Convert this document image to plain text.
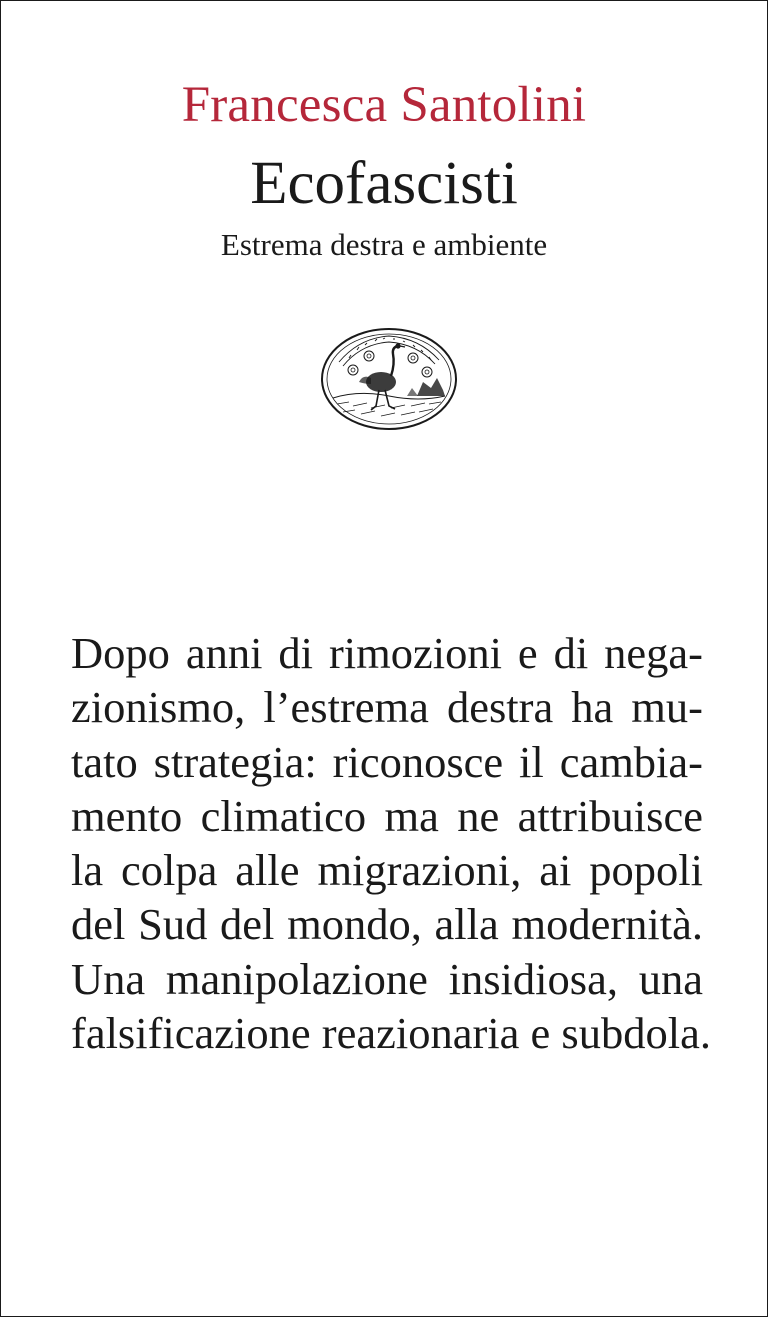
Francesca Santolini
Ecofascisti
Estrema destra e ambiente
Dopo anni di rimozioni e di nega-
zionismo, l’estrema destra ha mu-
tato strategia: riconosce il cambia-
mento climatico ma ne attribuisce
la colpa alle migrazioni, ai popoli
del Sud del mondo, alla modernità.
Una manipolazione insidiosa, una
falsificazione reazionaria e subdola.
